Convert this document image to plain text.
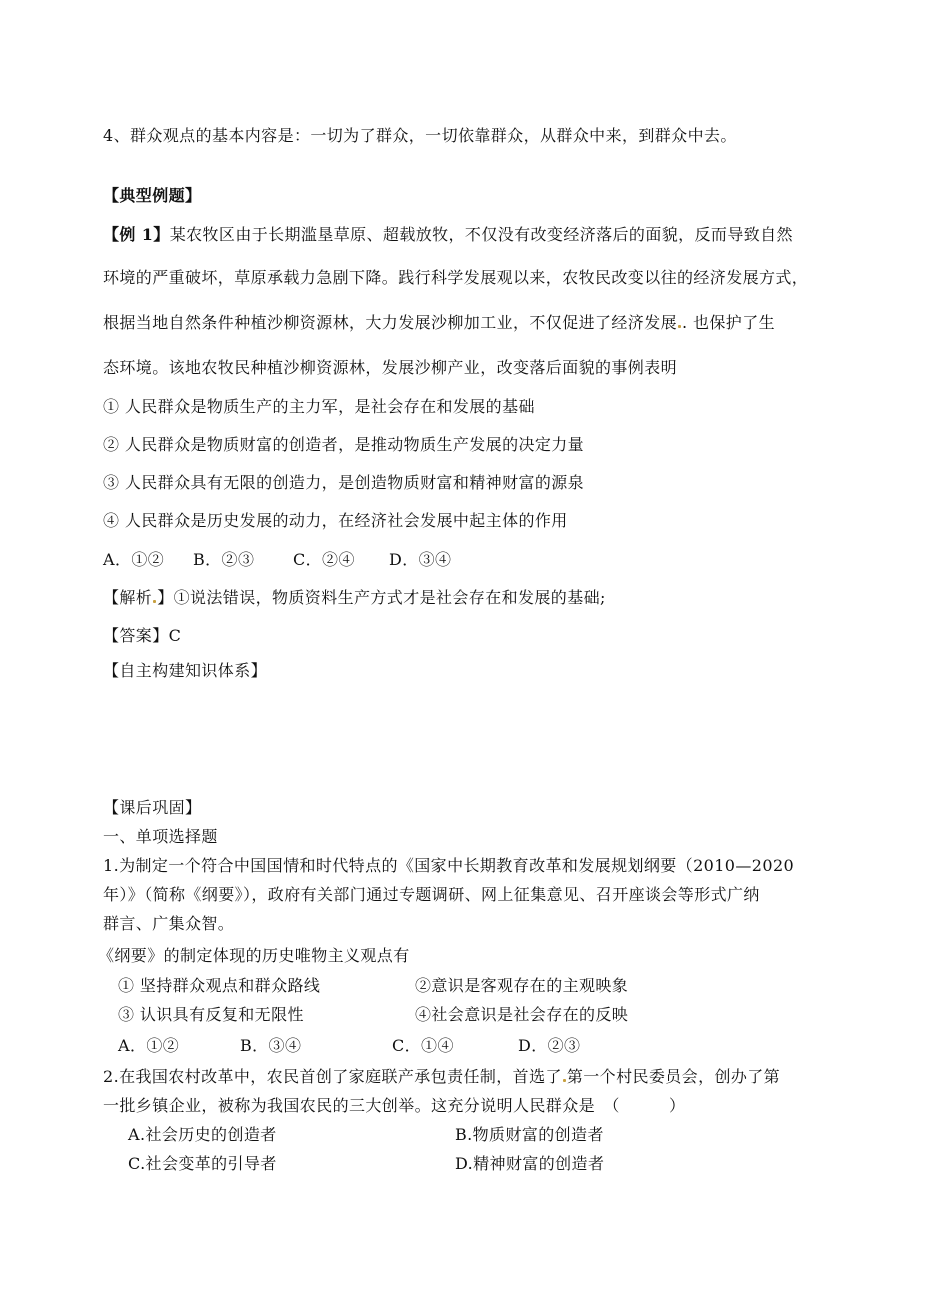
4、群众观点的基本内容是：一切为了群众，一切依靠群众，从群众中来，到群众中去。
【典型例题】
【例 1】某农牧区由于长期滥垦草原、超载放牧，不仅没有改变经济落后的面貌，反而导致自然
环境的严重破坏，草原承载力急剧下降。践行科学发展观以来，农牧民改变以往的经济发展方式，
根据当地自然条件种植沙柳资源林，大力发展沙柳加工业，不仅促进了经济发展 . 也保护了生
态环境。该地农牧民种植沙柳资源林，发展沙柳产业，改变落后面貌的事例表明
① 人民群众是物质生产的主力军，是社会存在和发展的基础
② 人民群众是物质财富的创造者，是推动物质生产发展的决定力量
③ 人民群众具有无限的创造力，是创造物质财富和精神财富的源泉
④ 人民群众是历史发展的动力，在经济社会发展中起主体的作用
A．①② B．②③ C．②④ D．③④
【解析 】①说法错误，物质资料生产方式才是社会存在和发展的基础;
【答案】C
【自主构建知识体系】
【课后巩固】
一、单项选择题
1.为制定一个符合中国国情和时代特点的《国家中长期教育改革和发展规划纲要（2010—2020
年）》（简称《纲要》），政府有关部门通过专题调研、网上征集意见、召开座谈会等形式广纳
群言、广集众智。
《纲要》的制定体现的历史唯物主义观点有
① 坚持群众观点和群众路线	②意识是客观存在的主观映象
③ 认识具有反复和无限性	④社会意识是社会存在的反映
A．①②	B．③④	C．①④	D．②③
2.在我国农村改革中，农民首创了家庭联产承包责任制，首选了 第一个村民委员会，创办了第
一批乡镇企业，被称为我国农民的三大创举。这充分说明人民群众是　（　　　）
A.社会历史的创造者	B.物质财富的创造者
C.社会变革的引导者	D.精神财富的创造者
